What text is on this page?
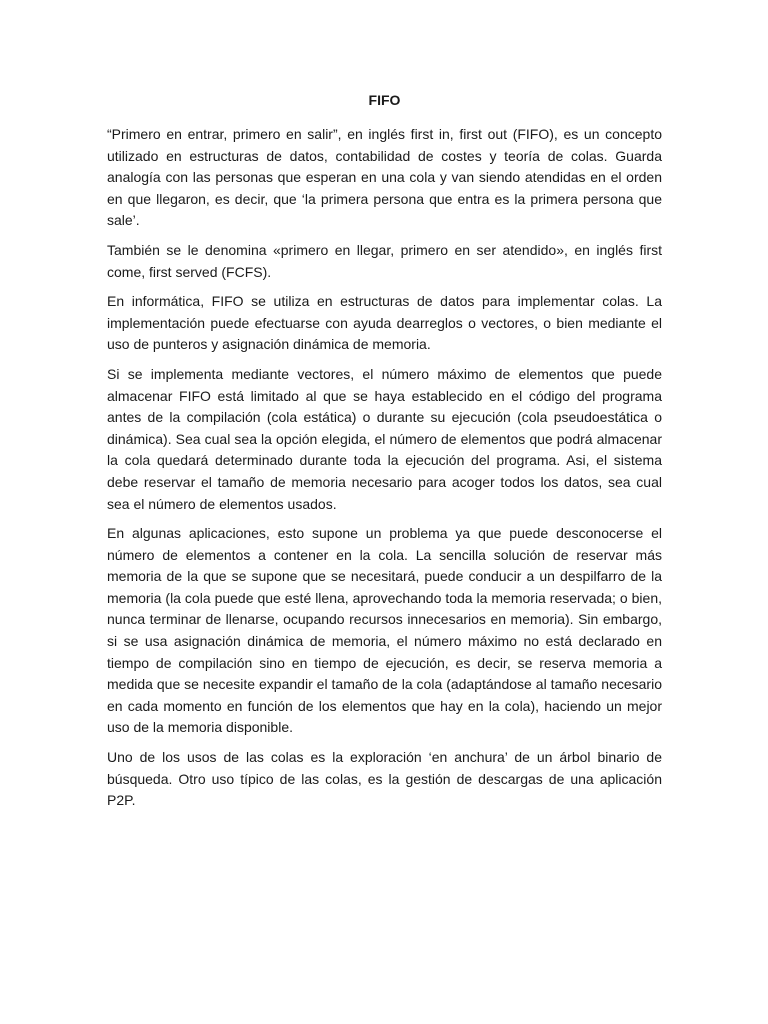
FIFO

“Primero en entrar, primero en salir”, en inglés first in, first out (FIFO), es un concepto utilizado en estructuras de datos, contabilidad de costes y teoría de colas. Guarda analogía con las personas que esperan en una cola y van siendo atendidas en el orden en que llegaron, es decir, que ‘la primera persona que entra es la primera persona que sale’.

También se le denomina «primero en llegar, primero en ser atendido», en inglés first come, first served (FCFS).

En informática, FIFO se utiliza en estructuras de datos para implementar colas. La implementación puede efectuarse con ayuda dearreglos o vectores, o bien mediante el uso de punteros y asignación dinámica de memoria.

Si se implementa mediante vectores, el número máximo de elementos que puede almacenar FIFO está limitado al que se haya establecido en el código del programa antes de la compilación (cola estática) o durante su ejecución (cola pseudoestática o dinámica). Sea cual sea la opción elegida, el número de elementos que podrá almacenar la cola quedará determinado durante toda la ejecución del programa. Asi, el sistema debe reservar el tamaño de memoria necesario para acoger todos los datos, sea cual sea el número de elementos usados.

En algunas aplicaciones, esto supone un problema ya que puede desconocerse el número de elementos a contener en la cola. La sencilla solución de reservar más memoria de la que se supone que se necesitará, puede conducir a un despilfarro de la memoria (la cola puede que esté llena, aprovechando toda la memoria reservada; o bien, nunca terminar de llenarse, ocupando recursos innecesarios en memoria). Sin embargo, si se usa asignación dinámica de memoria, el número máximo no está declarado en tiempo de compilación sino en tiempo de ejecución, es decir, se reserva memoria a medida que se necesite expandir el tamaño de la cola (adaptándose al tamaño necesario en cada momento en función de los elementos que hay en la cola), haciendo un mejor uso de la memoria disponible.

Uno de los usos de las colas es la exploración ‘en anchura’ de un árbol binario de búsqueda. Otro uso típico de las colas, es la gestión de descargas de una aplicación P2P.
